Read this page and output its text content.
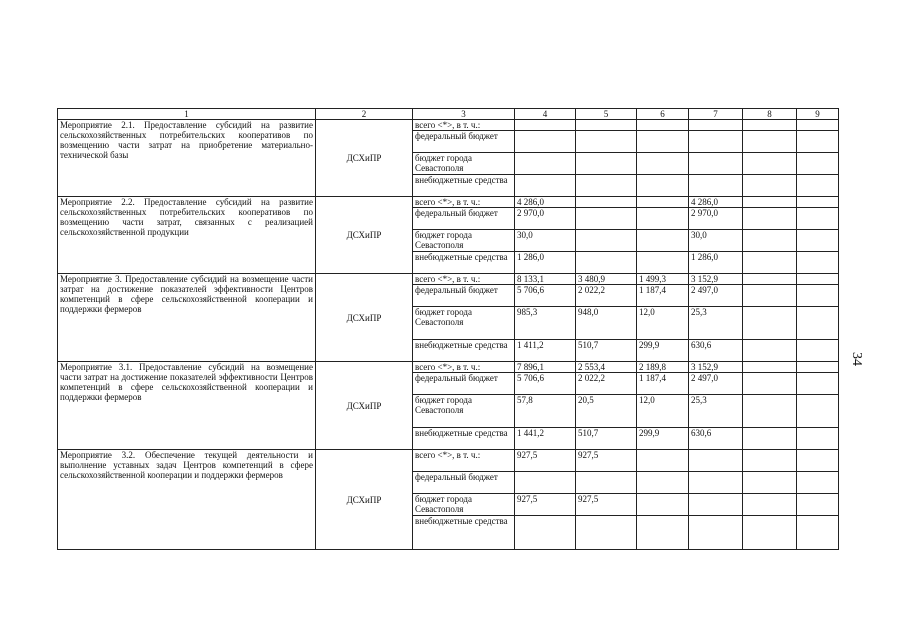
1	2	3	4	5	6	7	8	9
Мероприятие 2.1. Предоставление субсидий на развитие сельскохозяйственных потребительских кооперативов по возмещению части затрат на приобретение материально-технической базы	ДСХиПР	всего <*>, в т. ч.:						
		федеральный бюджет						
		бюджет города Севастополя						
		внебюджетные средства						
Мероприятие 2.2. Предоставление субсидий на развитие сельскохозяйственных потребительских кооперативов по возмещению части затрат, связанных с реализацией сельскохозяйственной продукции	ДСХиПР	всего <*>, в т. ч.:	4 286,0			4 286,0		
		федеральный бюджет	2 970,0			2 970,0		
		бюджет города Севастополя	30,0			30,0		
		внебюджетные средства	1 286,0			1 286,0		
Мероприятие 3. Предоставление субсидий на возмещение части затрат на достижение показателей эффективности Центров компетенций в сфере сельскохозяйственной кооперации и поддержки фермеров	ДСХиПР	всего <*>, в т. ч.:	8 133,1	3 480,9	1 499,3	3 152,9		
		федеральный бюджет	5 706,6	2 022,2	1 187,4	2 497,0		
		бюджет города Севастополя	985,3	948,0	12,0	25,3		
		внебюджетные средства	1 411,2	510,7	299,9	630,6		
Мероприятие 3.1. Предоставление субсидий на возмещение части затрат на достижение показателей эффективности Центров компетенций в сфере сельскохозяйственной кооперации и поддержки фермеров	ДСХиПР	всего <*>, в т. ч.:	7 896,1	2 553,4	2 189,8	3 152,9		
		федеральный бюджет	5 706,6	2 022,2	1 187,4	2 497,0		
		бюджет города Севастополя	57,8	20,5	12,0	25,3		
		внебюджетные средства	1 441,2	510,7	299,9	630,6		
Мероприятие 3.2. Обеспечение текущей деятельности и выполнение уставных задач Центров компетенций в сфере сельскохозяйственной кооперации и поддержки фермеров	ДСХиПР	всего <*>, в т. ч.:	927,5	927,5				
		федеральный бюджет						
		бюджет города Севастополя	927,5	927,5				
		внебюджетные средства						
34
